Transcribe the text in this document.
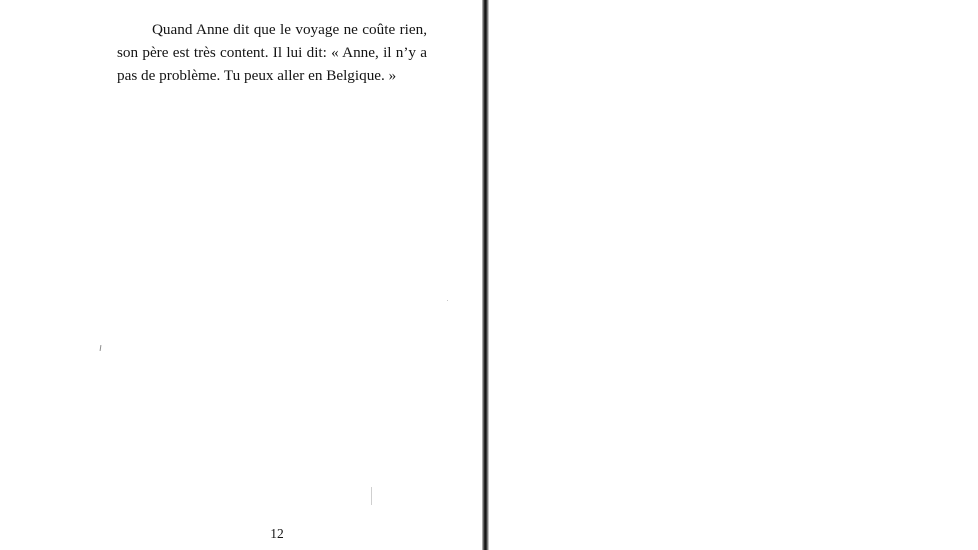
Quand Anne dit que le voyage ne coûte rien, son père est très content. Il lui dit: « Anne, il n’y a pas de problème. Tu peux aller en Belgique. »

12
